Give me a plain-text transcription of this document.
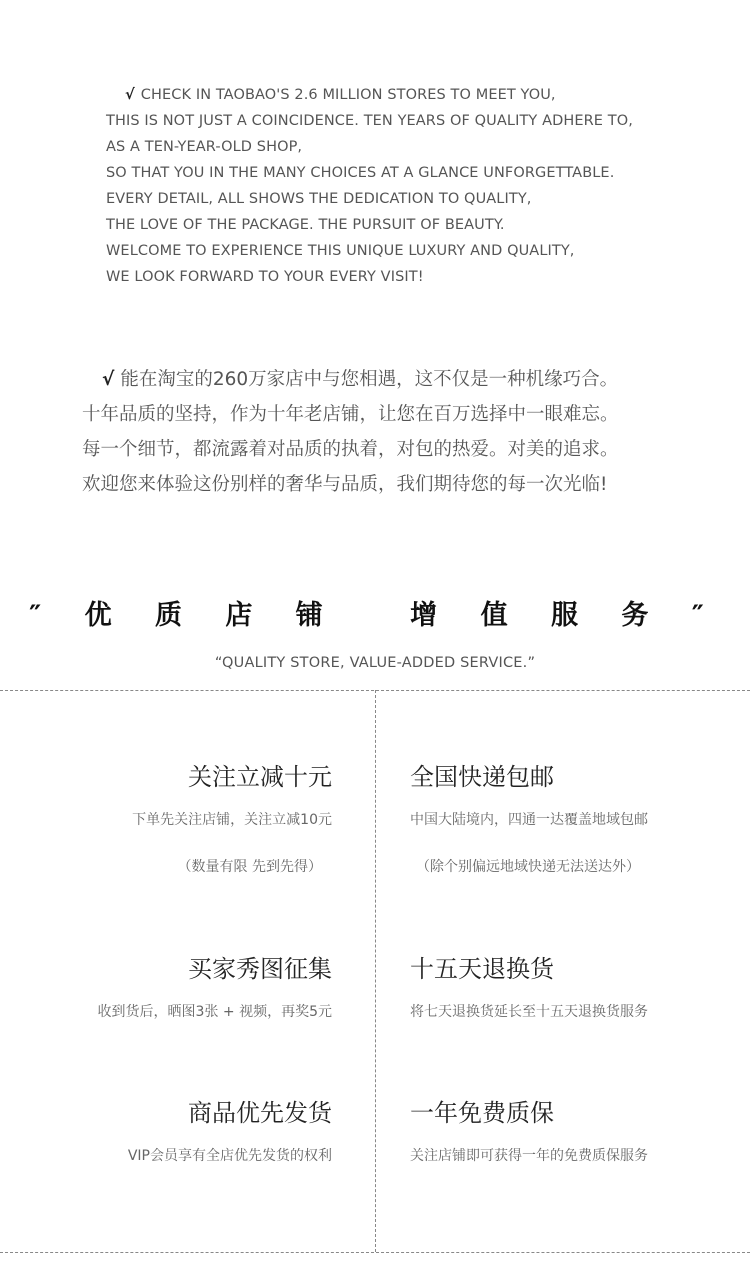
√ CHECK IN TAOBAO'S 2.6 MILLION STORES TO MEET YOU,
THIS IS NOT JUST A COINCIDENCE. TEN YEARS OF QUALITY ADHERE TO,
AS A TEN-YEAR-OLD SHOP,
SO THAT YOU IN THE MANY CHOICES AT A GLANCE UNFORGETTABLE.
EVERY DETAIL, ALL SHOWS THE DEDICATION TO QUALITY,
THE LOVE OF THE PACKAGE. THE PURSUIT OF BEAUTY.
WELCOME TO EXPERIENCE THIS UNIQUE LUXURY AND QUALITY,
WE LOOK FORWARD TO YOUR EVERY VISIT!
√ 能在淘宝的260万家店中与您相遇，这不仅是一种机缘巧合。
十年品质的坚持，作为十年老店铺，让您在百万选择中一眼难忘。
每一个细节，都流露着对品质的执着，对包的热爱。对美的追求。
欢迎您来体验这份别样的奢华与品质，我们期待您的每一次光临!
″ 优 质 店 铺 　增 值 服 务 ″
“QUALITY STORE, VALUE-ADDED SERVICE.”
关注立减十元
下单先关注店铺，关注立减10元
（数量有限 先到先得）
全国快递包邮
中国大陆境内，四通一达覆盖地域包邮
（除个别偏远地域快递无法送达外）
买家秀图征集
收到货后，晒图3张 + 视频，再奖5元
十五天退换货
将七天退换货延长至十五天退换货服务
商品优先发货
VIP会员享有全店优先发货的权利
一年免费质保
关注店铺即可获得一年的免费质保服务
